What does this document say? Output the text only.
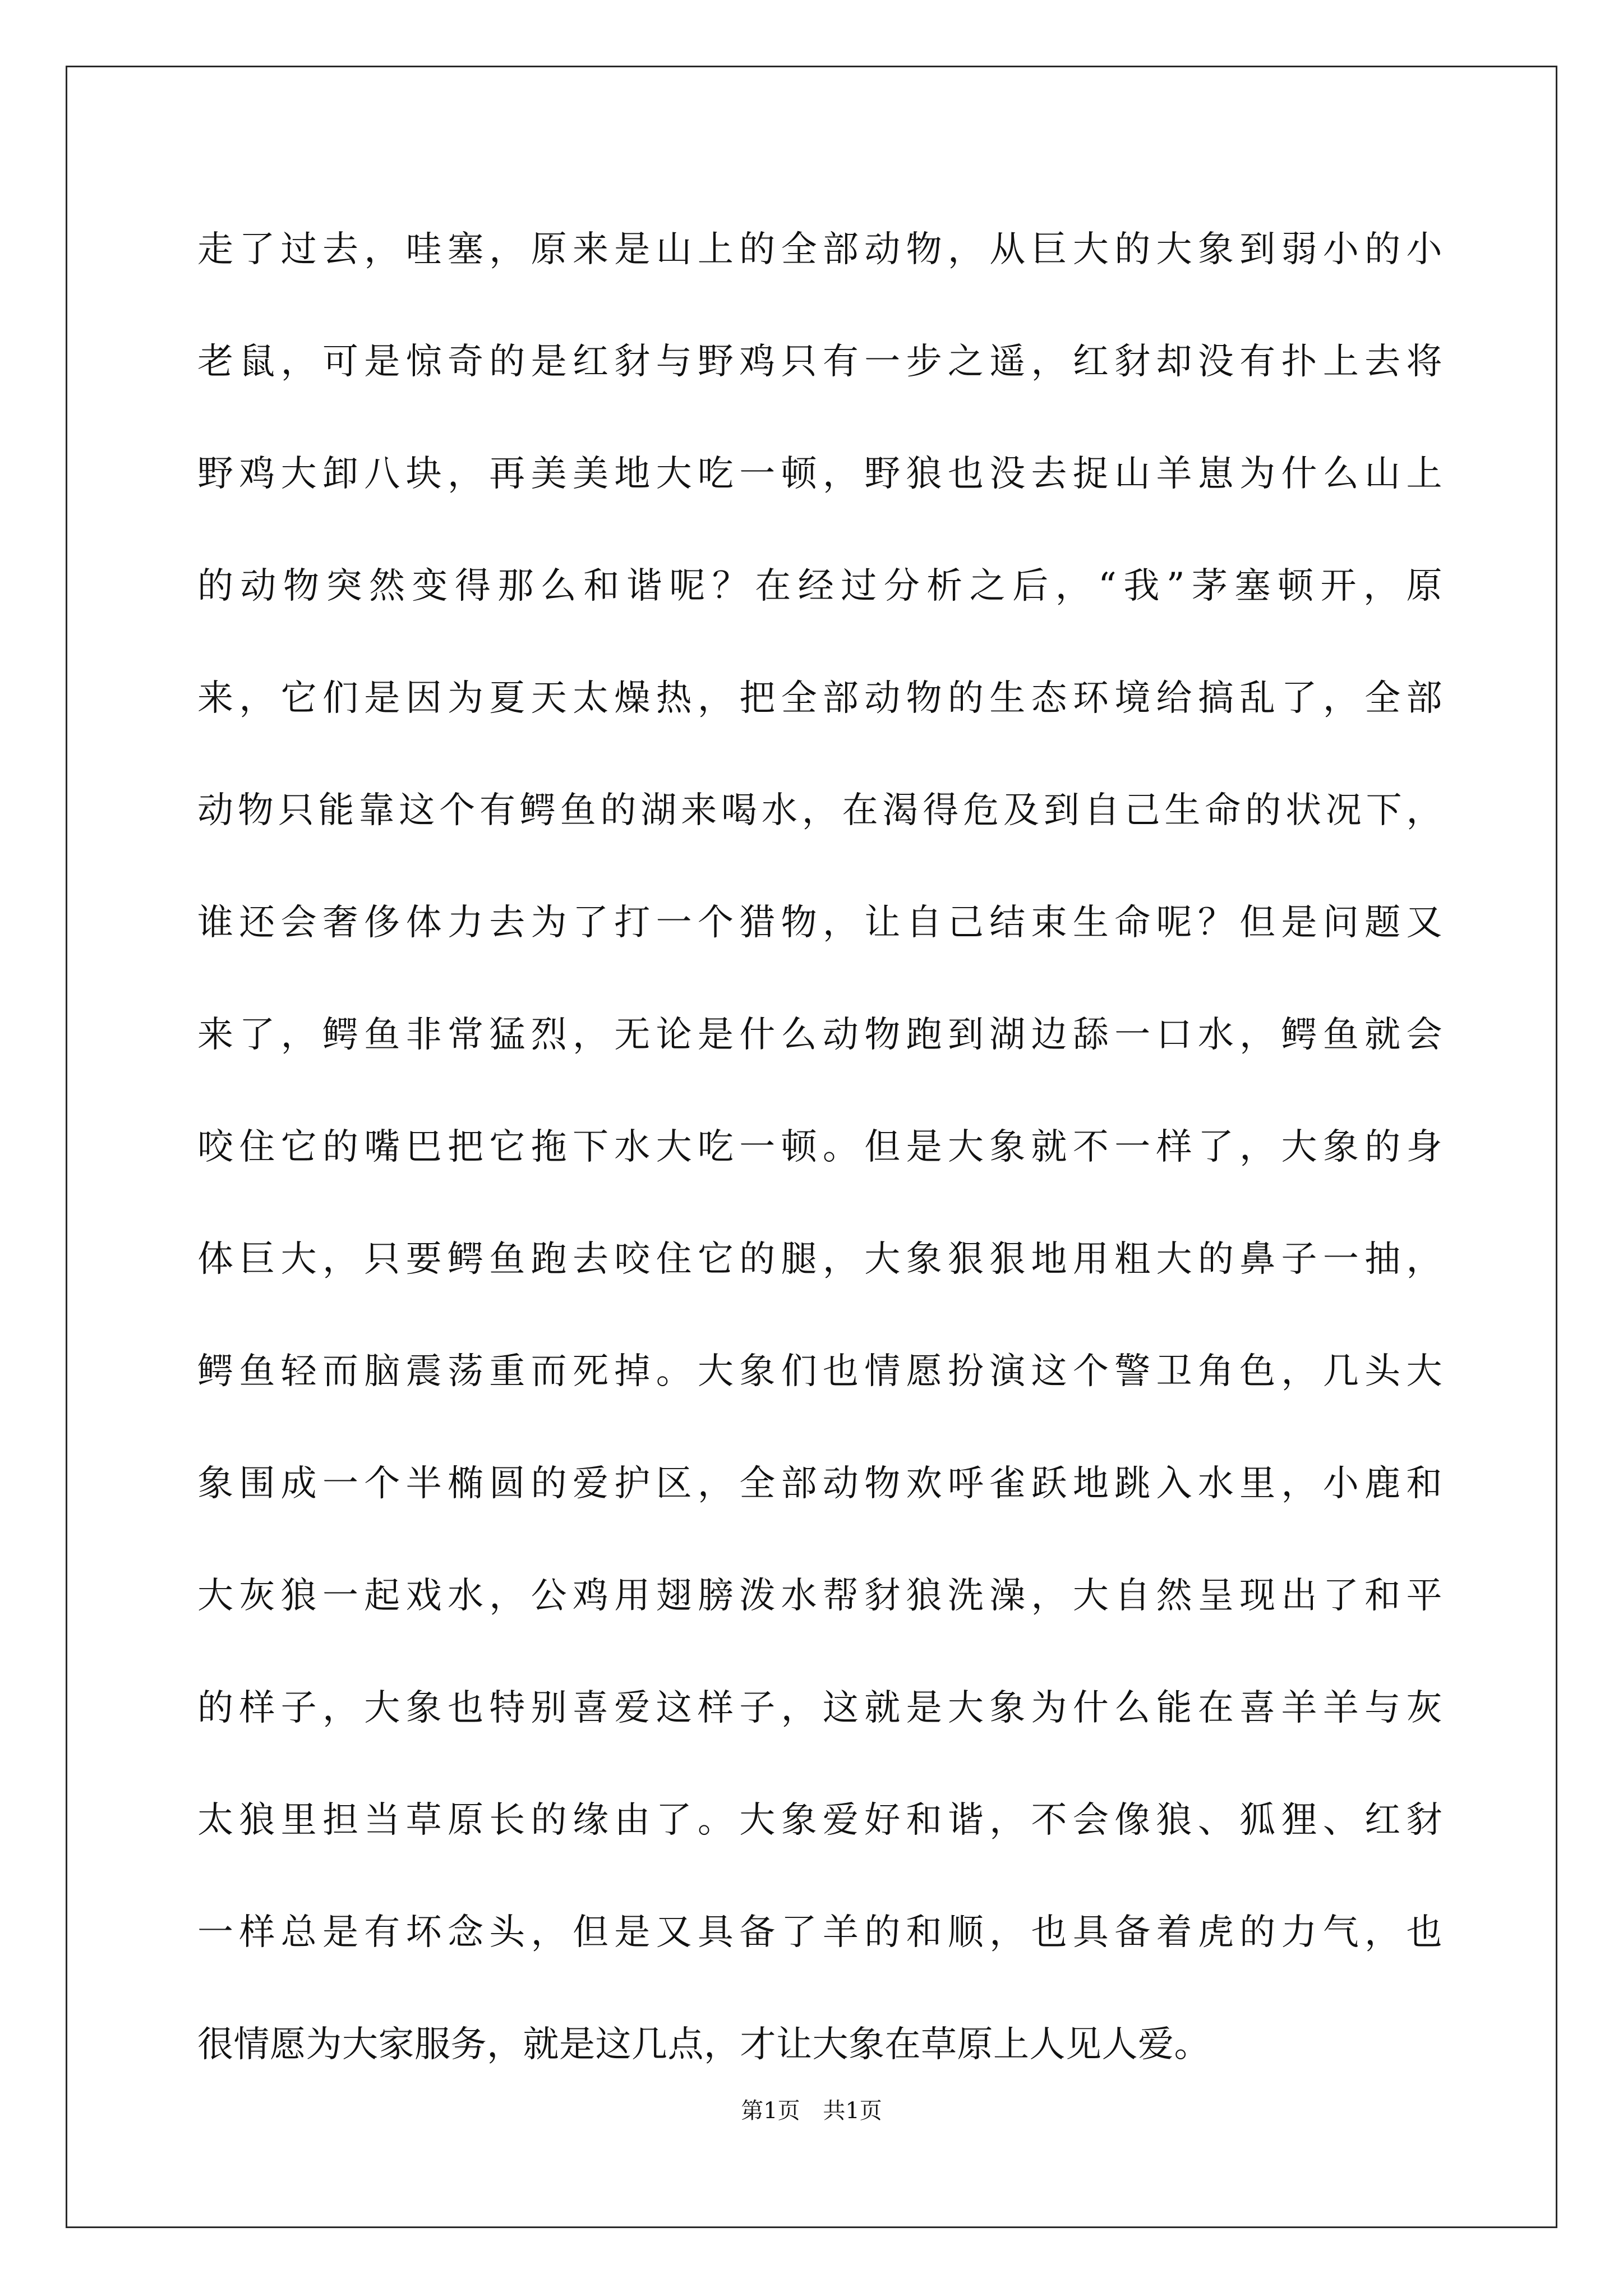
走了过去，哇塞，原来是山上的全部动物，从巨大的大象到弱小的小
老鼠，可是惊奇的是红豺与野鸡只有一步之遥，红豺却没有扑上去将
野鸡大卸八块，再美美地大吃一顿，野狼也没去捉山羊崽为什么山上
的动物突然变得那么和谐呢？在经过分析之后，“我”茅塞顿开，原
来，它们是因为夏天太燥热，把全部动物的生态环境给搞乱了，全部
动物只能靠这个有鳄鱼的湖来喝水，在渴得危及到自己生命的状况下，
谁还会奢侈体力去为了打一个猎物，让自己结束生命呢？但是问题又
来了，鳄鱼非常猛烈，无论是什么动物跑到湖边舔一口水，鳄鱼就会
咬住它的嘴巴把它拖下水大吃一顿。但是大象就不一样了，大象的身
体巨大，只要鳄鱼跑去咬住它的腿，大象狠狠地用粗大的鼻子一抽，
鳄鱼轻而脑震荡重而死掉。大象们也情愿扮演这个警卫角色，几头大
象围成一个半椭圆的爱护区，全部动物欢呼雀跃地跳入水里，小鹿和
大灰狼一起戏水，公鸡用翅膀泼水帮豺狼洗澡，大自然呈现出了和平
的样子，大象也特别喜爱这样子，这就是大象为什么能在喜羊羊与灰
太狼里担当草原长的缘由了。大象爱好和谐，不会像狼、狐狸、红豺
一样总是有坏念头，但是又具备了羊的和顺，也具备着虎的力气，也
很情愿为大家服务，就是这几点，才让大象在草原上人见人爱。
第1页 共1页
